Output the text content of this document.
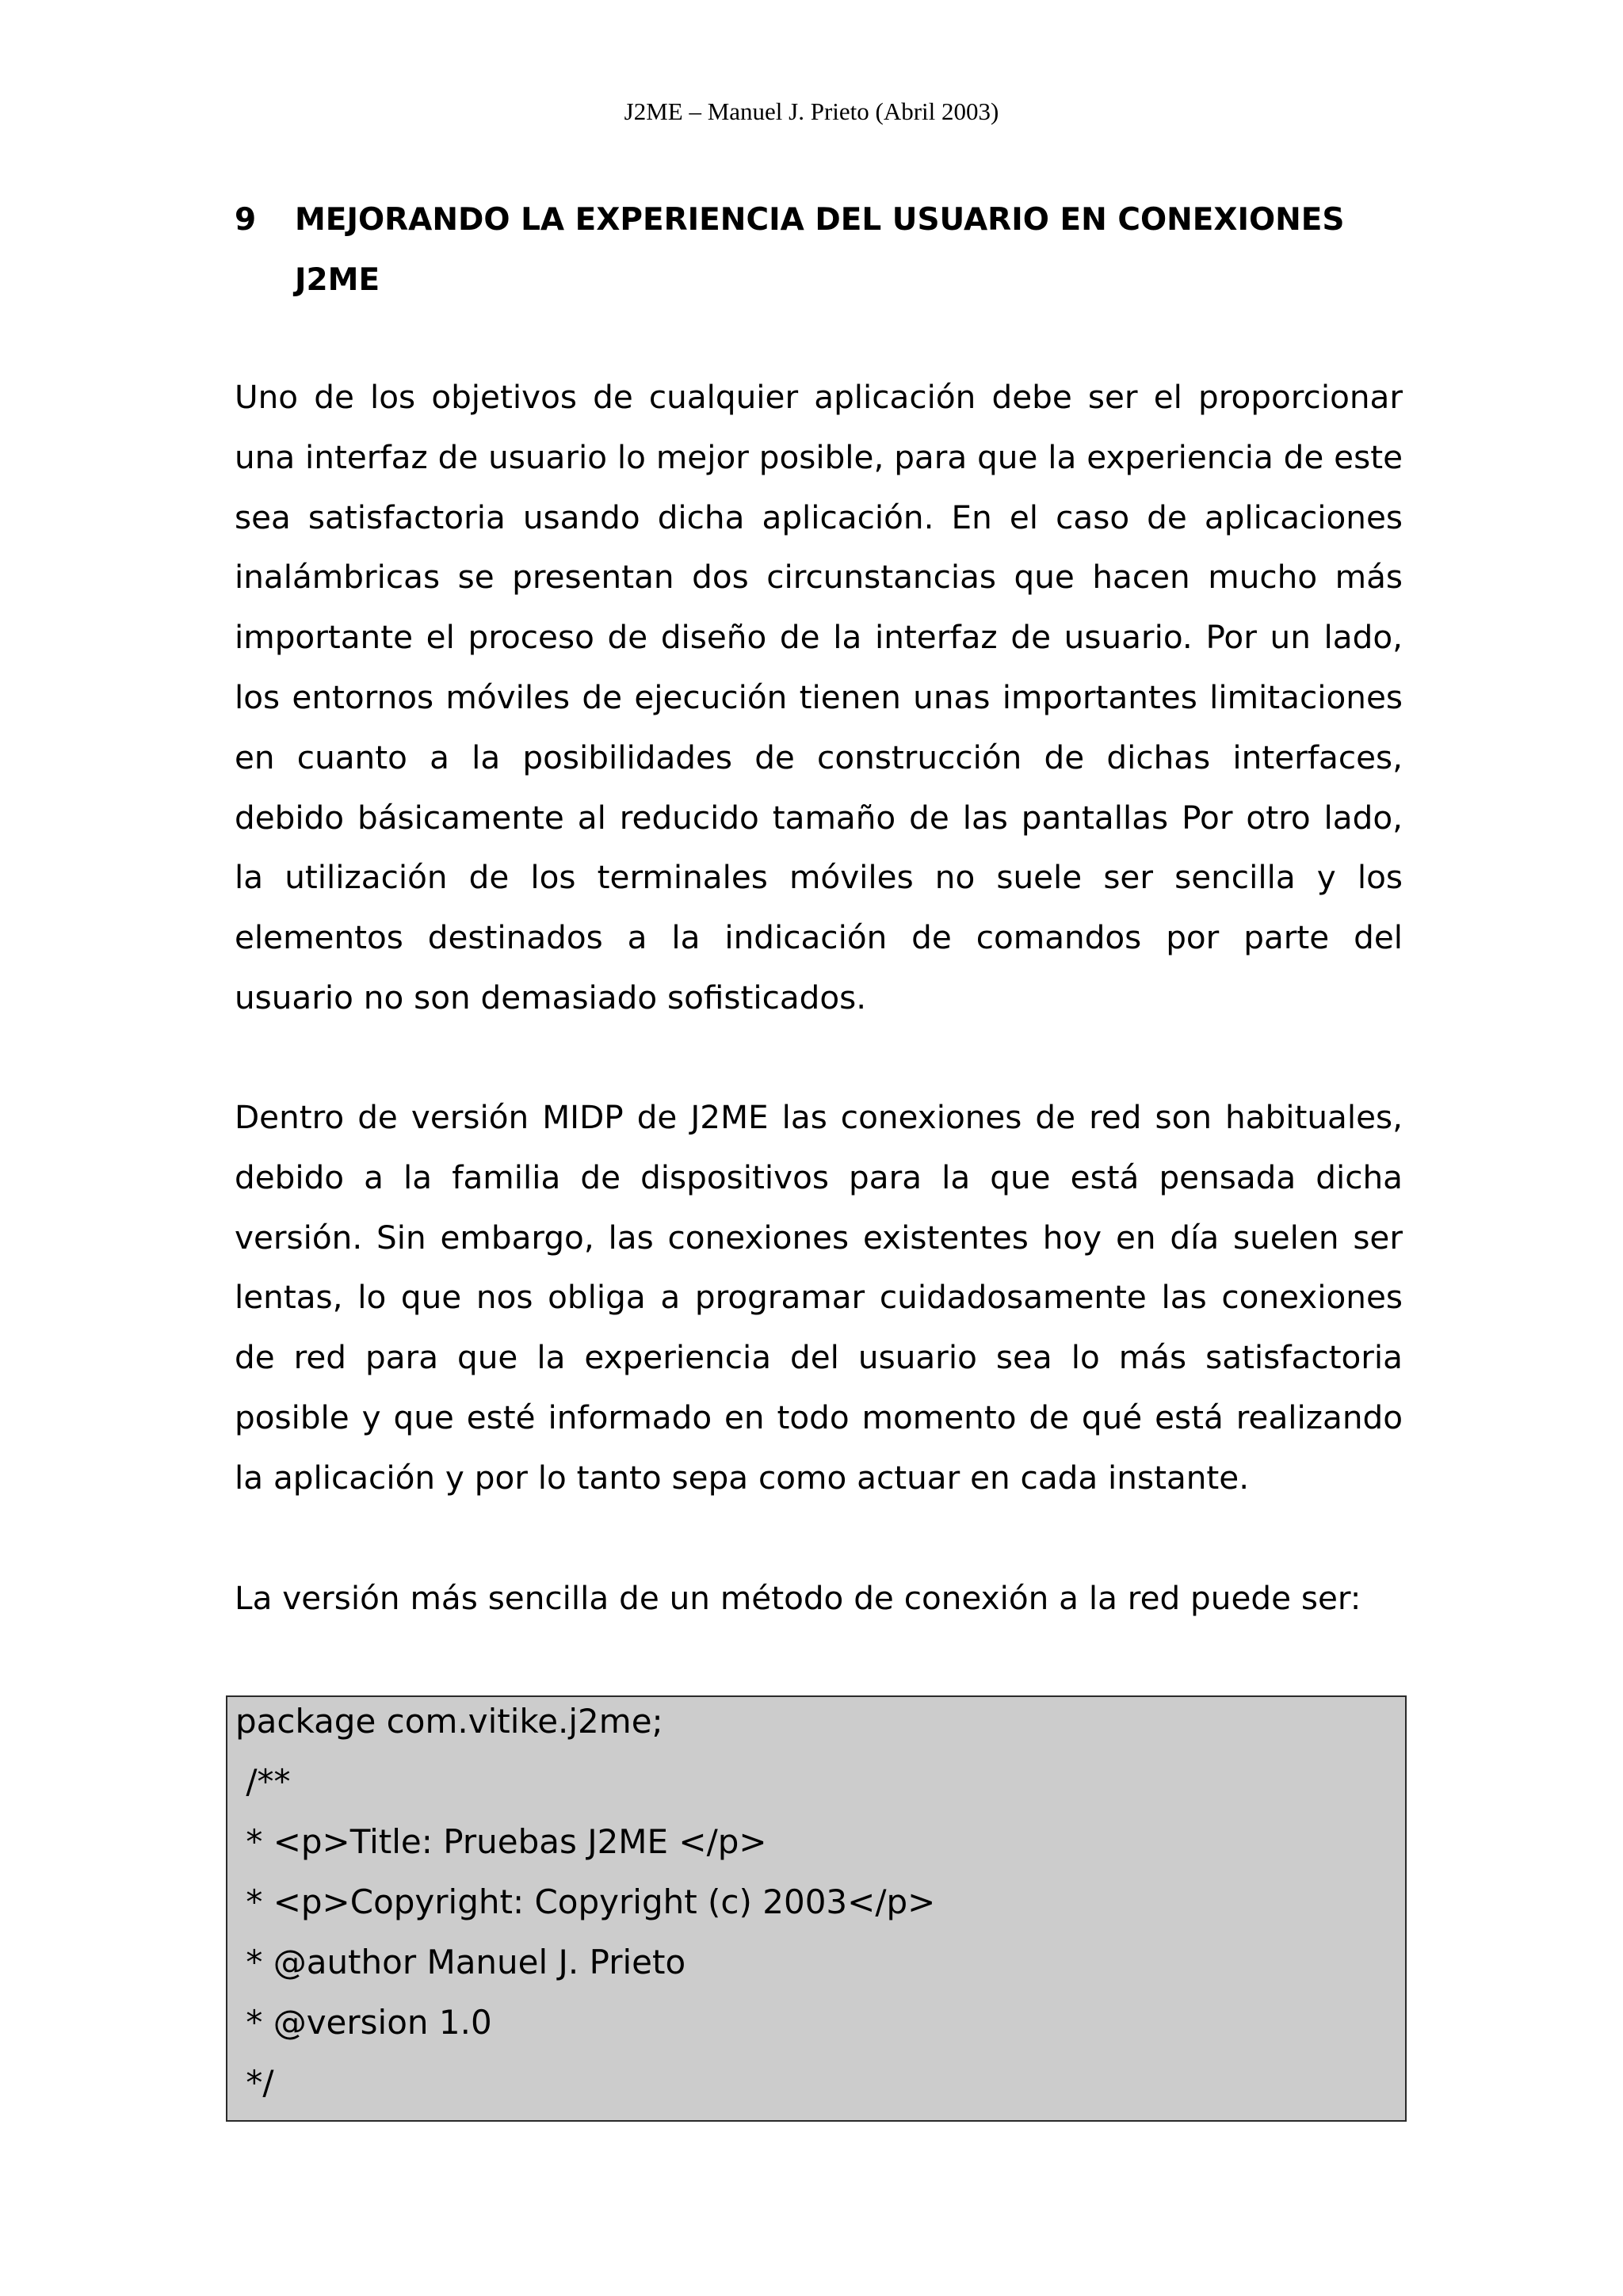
J2ME – Manuel J. Prieto (Abril 2003)
9 MEJORANDO LA EXPERIENCIA DEL USUARIO EN CONEXIONES J2ME
Uno de los objetivos de cualquier aplicación debe ser el proporcionar una interfaz de usuario lo mejor posible, para que la experiencia de este sea satisfactoria usando dicha aplicación. En el caso de aplicaciones inalámbricas se presentan dos circunstancias que hacen mucho más importante el proceso de diseño de la interfaz de usuario. Por un lado, los entornos móviles de ejecución tienen unas importantes limitaciones en cuanto a la posibilidades de construcción de dichas interfaces, debido básicamente al reducido tamaño de las pantallas Por otro lado, la utilización de los terminales móviles no suele ser sencilla y los elementos destinados a la indicación de comandos por parte del usuario no son demasiado sofisticados.
Dentro de versión MIDP de J2ME las conexiones de red son habituales, debido a la familia de dispositivos para la que está pensada dicha versión. Sin embargo, las conexiones existentes hoy en día suelen ser lentas, lo que nos obliga a programar cuidadosamente las conexiones de red para que la experiencia del usuario sea lo más satisfactoria posible y que esté informado en todo momento de qué está realizando la aplicación y por lo tanto sepa como actuar en cada instante.
La versión más sencilla de un método de conexión a la red puede ser:
package com.vitike.j2me;
/**
* <p>Title: Pruebas J2ME </p>
* <p>Copyright: Copyright (c) 2003</p>
* @author Manuel J. Prieto
* @version 1.0
*/
